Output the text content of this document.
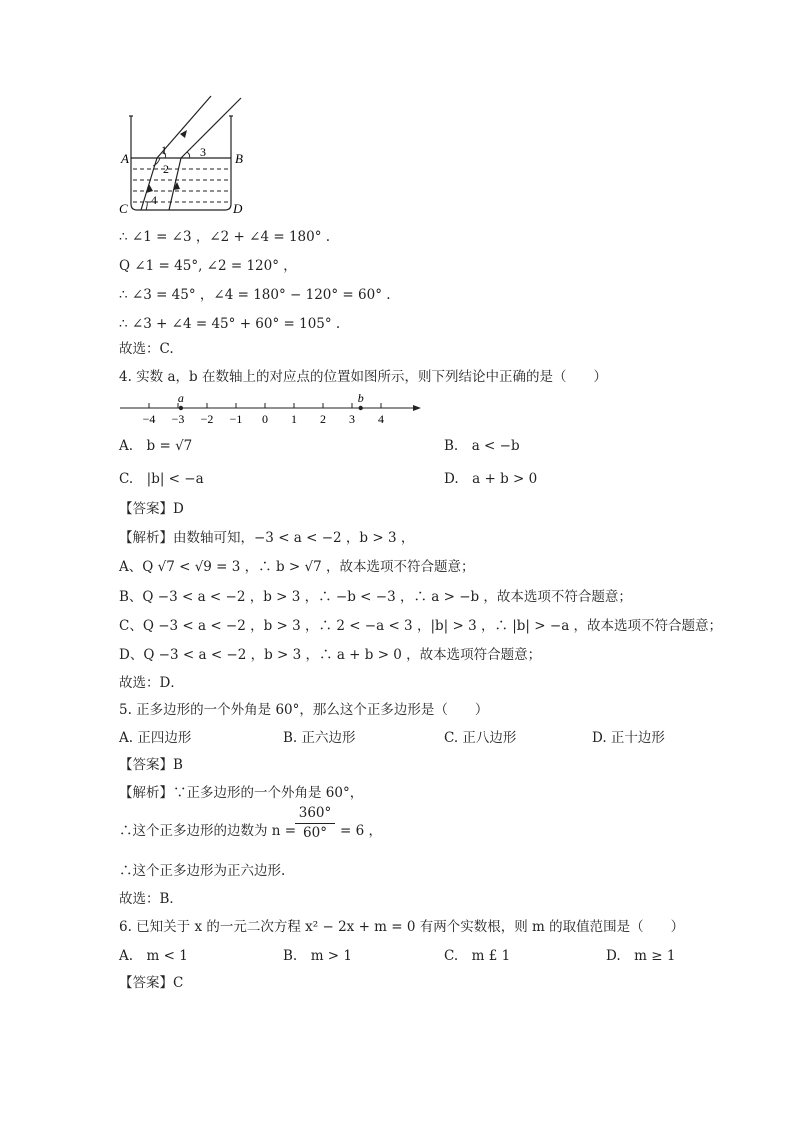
A	B
C	D
1
2
3
4
∴ ∠1 = ∠3 ，∠2 + ∠4 = 180° .
Q ∠1 = 45°, ∠2 = 120° ，
∴ ∠3 = 45° ，∠4 = 180° − 120° = 60° .
∴ ∠3 + ∠4 = 45° + 60° = 105° .
故选：C.
4. 实数 a，b 在数轴上的对应点的位置如图所示，则下列结论中正确的是（　　）
−4 −3 −2 −1 0 1 2 3 4
a	b
A.　b = √7	B.　a < −b
C.　|b| < −a	D.　a + b > 0
【答案】D
【解析】由数轴可知，−3 < a < −2 ，b > 3 ，
A、Q √7 < √9 = 3 ，∴ b > √7 ，故本选项不符合题意；
B、Q −3 < a < −2 ，b > 3 ，∴ −b < −3 ，∴ a > −b ，故本选项不符合题意；
C、Q −3 < a < −2 ，b > 3 ，∴ 2 < −a < 3 ，|b| > 3 ，∴ |b| > −a ，故本选项不符合题意；
D、Q −3 < a < −2 ，b > 3 ，∴ a + b > 0 ，故本选项符合题意；
故选：D．
5. 正多边形的一个外角是 60°，那么这个正多边形是（　　）
A. 正四边形	B. 正六边形	C. 正八边形	D. 正十边形
【答案】B
【解析】∵正多边形的一个外角是 60°，
∴这个正多边形的边数为 n =
360°
60° = 6 ，
∴这个正多边形为正六边形.
故选：B．
6. 已知关于 x 的一元二次方程 x² − 2x + m = 0 有两个实数根，则 m 的取值范围是（　　）
A.　m < 1	B.　m > 1	C.　m £ 1	D.　m ≥ 1
【答案】C
